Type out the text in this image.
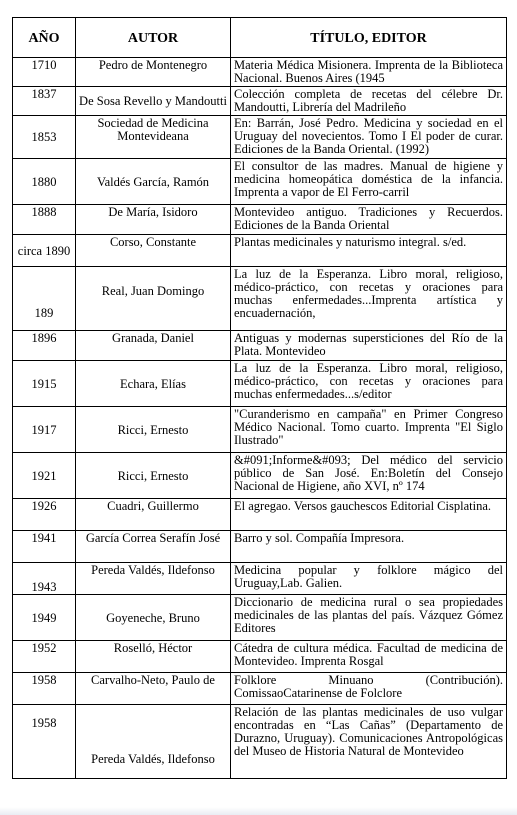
AÑO	AUTOR	TÍTULO, EDITOR
1710	Pedro de Montenegro	Materia Médica Misionera. Imprenta de la Biblioteca Nacional. Buenos Aires (1945
1837	De Sosa Revello y Mandoutti	Colección completa de recetas del célebre Dr. Mandoutti, Librería del Madrileño
1853	Sociedad de Medicina Montevideana	En: Barrán, José Pedro. Medicina y sociedad en el Uruguay del novecientos. Tomo I El poder de curar. Ediciones de la Banda Oriental. (1992)
1880	Valdés García, Ramón	El consultor de las madres. Manual de higiene y medicina homeopática doméstica de la infancia. Imprenta a vapor de El Ferro-carril
1888	De María, Isidoro	Montevideo antiguo. Tradiciones y Recuerdos. Ediciones de la Banda Oriental
circa 1890	Corso, Constante	Plantas medicinales y naturismo integral. s/ed.
189	Real, Juan Domingo	La luz de la Esperanza. Libro moral, religioso, médico-práctico, con recetas y oraciones para muchas enfermedades...Imprenta artística y encuadernación,
1896	Granada, Daniel	Antiguas y modernas supersticiones del Río de la Plata. Montevideo
1915	Echara, Elías	La luz de la Esperanza. Libro moral, religioso, médico-práctico, con recetas y oraciones para muchas enfermedades...s/editor
1917	Ricci, Ernesto	"Curanderismo en campaña" en Primer Congreso Médico Nacional. Tomo cuarto. Imprenta "El Siglo Ilustrado"
1921	Ricci, Ernesto	&#091;Informe&#093; Del médico del servicio público de San José. En:Boletín del Consejo Nacional de Higiene, año XVI, nº 174
1926	Cuadri, Guillermo	El agregao. Versos gauchescos Editorial Cisplatina.
1941	García Correa Serafín José	Barro y sol. Compañía Impresora.
1943	Pereda Valdés, Ildefonso	Medicina popular y folklore mágico del Uruguay,Lab. Galien.
1949	Goyeneche, Bruno	Diccionario de medicina rural o sea propiedades medicinales de las plantas del país. Vázquez Gómez Editores
1952	Roselló, Héctor	Cátedra de cultura médica. Facultad de medicina de Montevideo. Imprenta Rosgal
1958	Carvalho-Neto, Paulo de	Folklore Minuano (Contribución). ComissaoCatarinense de Folclore
1958	Pereda Valdés, Ildefonso	Relación de las plantas medicinales de uso vulgar encontradas en “Las Cañas” (Departamento de Durazno, Uruguay). Comunicaciones Antropológicas del Museo de Historia Natural de Montevideo
